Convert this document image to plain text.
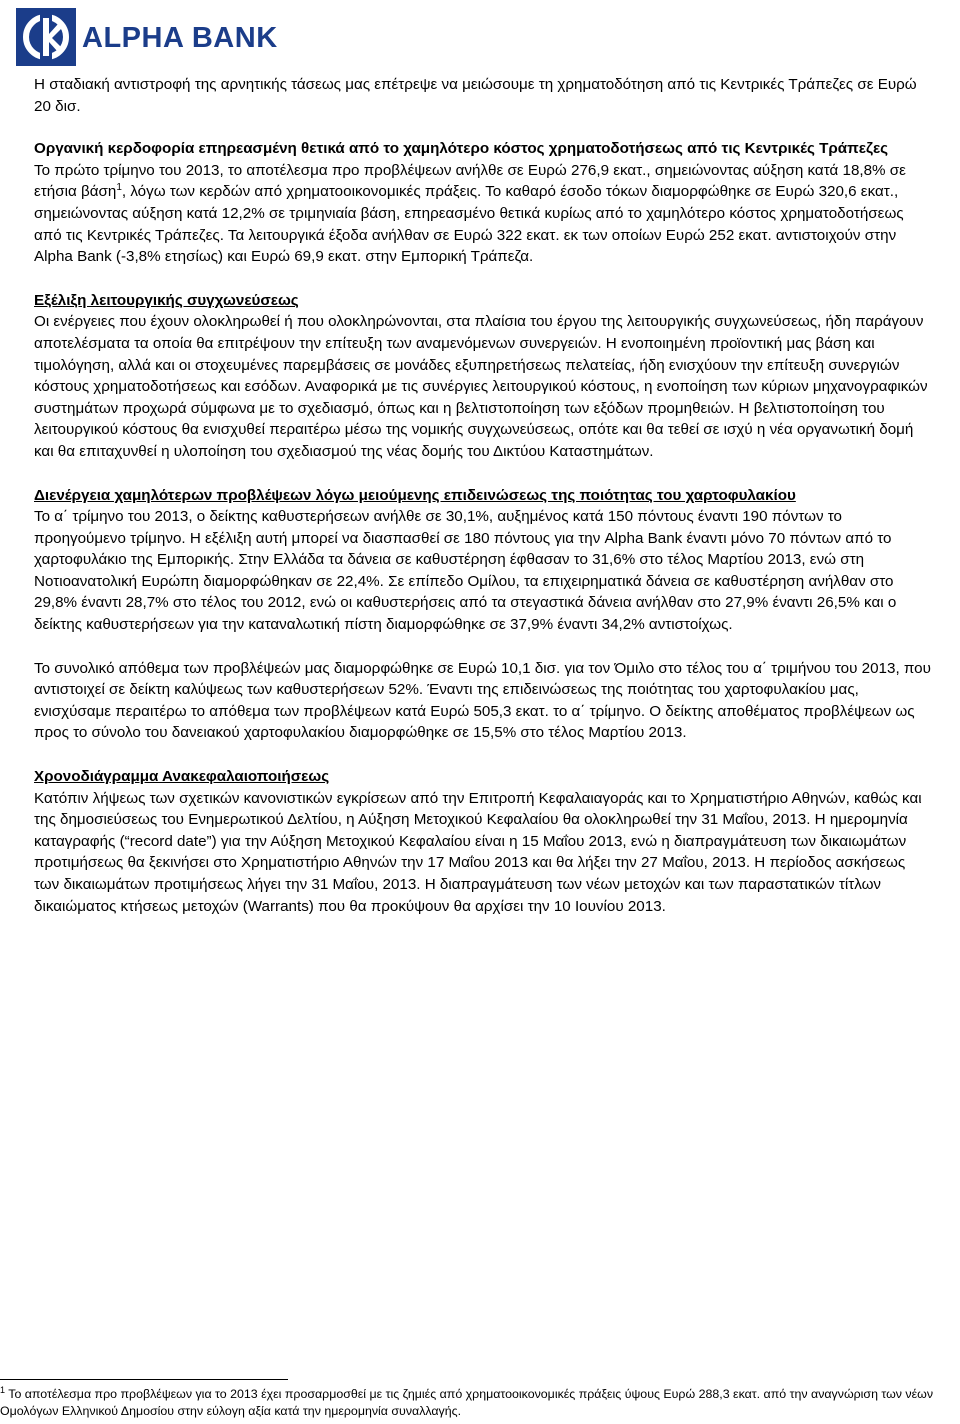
ALPHA BANK

Η σταδιακή αντιστροφή της αρνητικής τάσεως μας επέτρεψε να μειώσουμε τη χρηματοδότηση από τις Κεντρικές Τράπεζες σε Ευρώ 20 δισ.

Οργανική κερδοφορία επηρεασμένη θετικά από το χαμηλότερο κόστος χρηματοδοτήσεως από τις Κεντρικές Τράπεζες

Το πρώτο τρίμηνο του 2013, το αποτέλεσμα προ προβλέψεων ανήλθε σε Ευρώ 276,9 εκατ., σημειώνοντας αύξηση κατά 18,8% σε ετήσια βάση$^1$, λόγω των κερδών από χρηματοοικονομικές πράξεις. Το καθαρό έσοδο τόκων διαμορφώθηκε σε Ευρώ 320,6 εκατ., σημειώνοντας αύξηση κατά 12,2% σε τριμηνιαία βάση, επηρεασμένο θετικά κυρίως από το χαμηλότερο κόστος χρηματοδοτήσεως από τις Κεντρικές Τράπεζες. Τα λειτουργικά έξοδα ανήλθαν σε Ευρώ 322 εκατ. εκ των οποίων Ευρώ 252 εκατ. αντιστοιχούν στην Alpha Bank (-3,8% ετησίως) και Ευρώ 69,9 εκατ. στην Εμπορική Τράπεζα.

Εξέλιξη λειτουργικής συγχωνεύσεως

Οι ενέργειες που έχουν ολοκληρωθεί ή που ολοκληρώνονται, στα πλαίσια του έργου της λειτουργικής συγχωνεύσεως, ήδη παράγουν αποτελέσματα τα οποία θα επιτρέψουν την επίτευξη των αναμενόμενων συνεργειών. Η ενοποιημένη προϊοντική μας βάση και τιμολόγηση, αλλά και οι στοχευμένες παρεμβάσεις σε μονάδες εξυπηρετήσεως πελατείας, ήδη ενισχύουν την επίτευξη συνεργιών κόστους χρηματοδοτήσεως και εσόδων. Αναφορικά με τις συνέργιες λειτουργικού κόστους, η ενοποίηση των κύριων μηχανογραφικών συστημάτων προχωρά σύμφωνα με το σχεδιασμό, όπως και η βελτιστοποίηση των εξόδων προμηθειών. Η βελτιστοποίηση του λειτουργικού κόστους θα ενισχυθεί περαιτέρω μέσω της νομικής συγχωνεύσεως, οπότε και θα τεθεί σε ισχύ η νέα οργανωτική δομή και θα επιταχυνθεί η υλοποίηση του σχεδιασμού της νέας δομής του Δικτύου Καταστημάτων.

Διενέργεια χαμηλότερων προβλέψεων λόγω μειούμενης επιδεινώσεως της ποιότητας του χαρτοφυλακίου

Το α΄ τρίμηνο του 2013, ο δείκτης καθυστερήσεων ανήλθε σε 30,1%, αυξημένος κατά 150 πόντους έναντι 190 πόντων το προηγούμενο τρίμηνο. Η εξέλιξη αυτή μπορεί να διασπασθεί σε 180 πόντους για την Alpha Bank έναντι μόνο 70 πόντων από το χαρτοφυλάκιο της Εμπορικής. Στην Ελλάδα τα δάνεια σε καθυστέρηση έφθασαν το 31,6% στο τέλος Μαρτίου 2013, ενώ στη Νοτιοανατολική Ευρώπη διαμορφώθηκαν σε 22,4%. Σε επίπεδο Ομίλου, τα επιχειρηματικά δάνεια σε καθυστέρηση ανήλθαν στο 29,8% έναντι 28,7% στο τέλος του 2012, ενώ οι καθυστερήσεις από τα στεγαστικά δάνεια ανήλθαν στο 27,9% έναντι 26,5% και ο δείκτης καθυστερήσεων για την καταναλωτική πίστη διαμορφώθηκε σε 37,9% έναντι 34,2% αντιστοίχως.

Το συνολικό απόθεμα των προβλέψεών μας διαμορφώθηκε σε Ευρώ 10,1 δισ. για τον Όμιλο στο τέλος του α΄ τριμήνου του 2013, που αντιστοιχεί σε δείκτη καλύψεως των καθυστερήσεων 52%. Έναντι της επιδεινώσεως της ποιότητας του χαρτοφυλακίου μας, ενισχύσαμε περαιτέρω το απόθεμα των προβλέψεων κατά Ευρώ 505,3 εκατ. το α΄ τρίμηνο. Ο δείκτης αποθέματος προβλέψεων ως προς το σύνολο του δανειακού χαρτοφυλακίου διαμορφώθηκε σε 15,5% στο τέλος Μαρτίου 2013.

Χρονοδιάγραμμα Ανακεφαλαιοποιήσεως

Κατόπιν λήψεως των σχετικών κανονιστικών εγκρίσεων από την Επιτροπή Κεφαλαιαγοράς και το Χρηματιστήριο Αθηνών, καθώς και της δημοσιεύσεως του Ενημερωτικού Δελτίου, η Αύξηση Μετοχικού Κεφαλαίου θα ολοκληρωθεί την 31 Μαΐου, 2013. Η ημερομηνία καταγραφής (“record date”) για την Αύξηση Μετοχικού Κεφαλαίου είναι η 15 Μαΐου 2013, ενώ η διαπραγμάτευση των δικαιωμάτων προτιμήσεως θα ξεκινήσει στο Χρηματιστήριο Αθηνών την 17 Μαΐου 2013 και θα λήξει την 27 Μαΐου, 2013. Η περίοδος ασκήσεως των δικαιωμάτων προτιμήσεως λήγει την 31 Μαΐου, 2013. Η διαπραγμάτευση των νέων μετοχών και των παραστατικών τίτλων δικαιώματος κτήσεως μετοχών (Warrants) που θα προκύψουν θα αρχίσει την 10 Ιουνίου 2013.

$^1$ Το αποτέλεσμα προ προβλέψεων για το 2013 έχει προσαρμοσθεί με τις ζημιές από χρηματοοικονομικές πράξεις ύψους Ευρώ 288,3 εκατ. από την αναγνώριση των νέων Ομολόγων Ελληνικού Δημοσίου στην εύλογη αξία κατά την ημερομηνία συναλλαγής.
